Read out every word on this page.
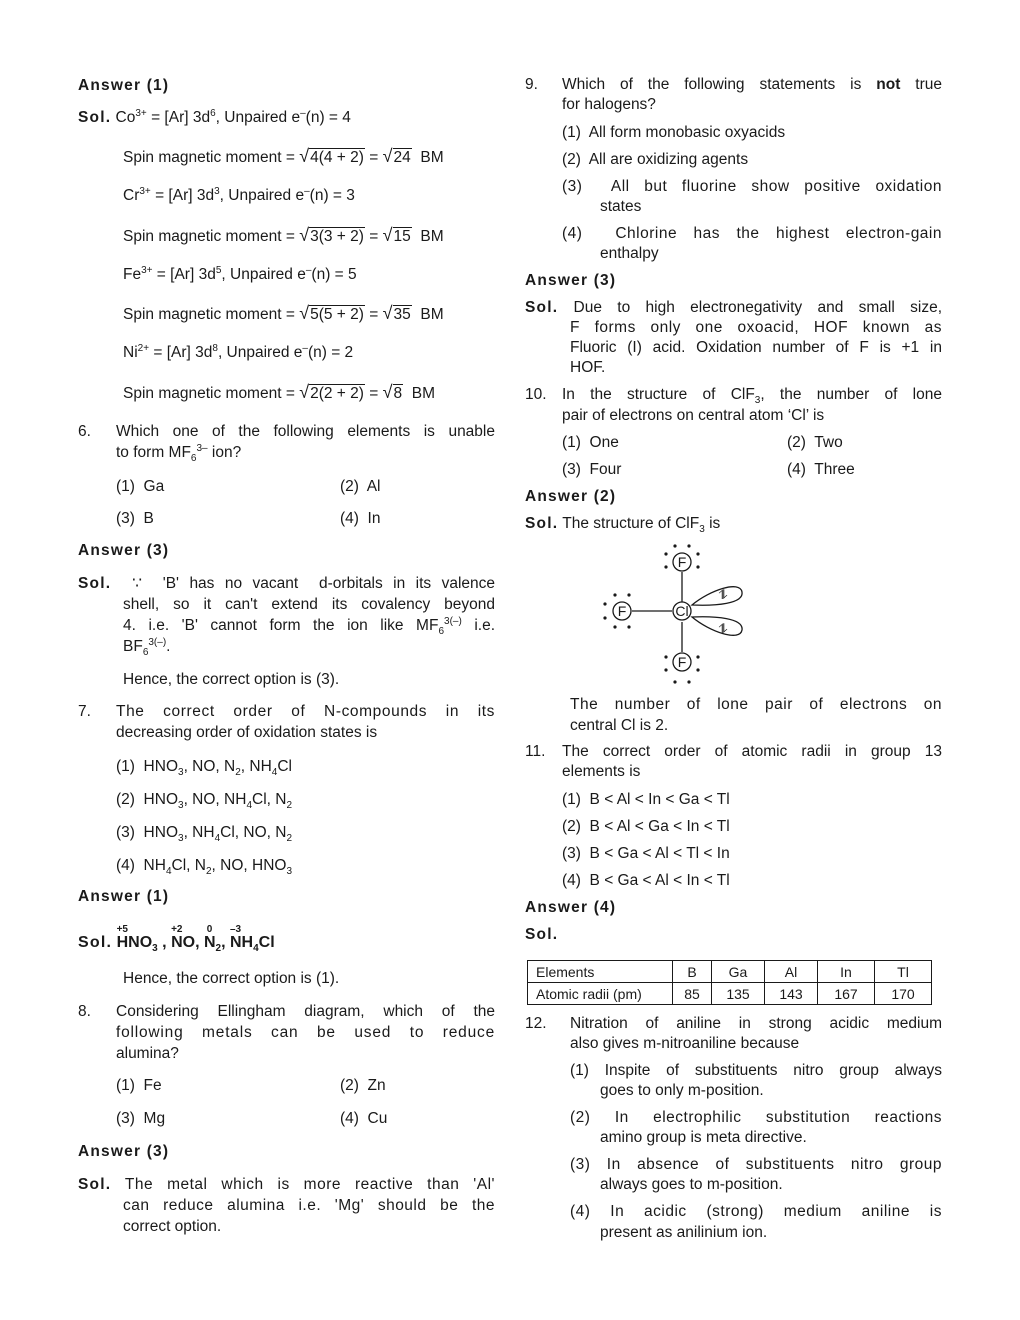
Answer (1)
Sol. $Co^{3+} = [Ar]$ $3d^6$, Unpaired e–(n) = 4
Spin magnetic moment = √4(4 + 2) = √24 BM
$Cr^{3+} = [Ar]$ $3d^3$, Unpaired e–(n) = 3
Spin magnetic moment = √3(3 + 2) = √15 BM
$Fe^{3+} = [Ar]$ $3d^5$, Unpaired e–(n) = 5
Spin magnetic moment = √5(5 + 2) = √35 BM
$Ni^{2+} = [Ar]$ $3d^8$, Unpaired e–(n) = 2
Spin magnetic moment = √2(2 + 2) = √8 BM
6. Which one of the following elements is unable
to form $MF_6^{3-}$ ion?
(1)  Ga	(2)  Al
(3)  B	(4)  In
Answer (3)
Sol.  ∵  'B' has no vacant  d-orbitals in its valence
shell, so it can't extend its covalency beyond
4. i.e. 'B' cannot form the ion like $MF_6^{3(-)}$ i.e.
$BF_6^{3(-)}$.
Hence, the correct option is (3).
7. The correct order of N-compounds in its
decreasing order of oxidation states is
(1)  $HNO_3$, NO, $N_2$, $NH_4Cl$
(2)  $HNO_3$, NO, $NH_4Cl$, $N_2$
(3)  $HNO_3$, $NH_4Cl$, NO, $N_2$
(4)  $NH_4Cl$, $N_2$, NO, $HNO_3$
Answer (1)
Sol.
+5
$HNO_3$ ,
+2
NO,
0
$N_2$,
–3
$NH_4Cl$
Hence, the correct option is (1).
8. Considering Ellingham diagram, which of the
following metals can be used to reduce
alumina?
(1)  Fe	(2)  Zn
(3)  Mg	(4)  Cu
Answer (3)
Sol. The metal which is more reactive than 'Al'
can reduce alumina i.e. 'Mg' should be the
correct option.
9. Which of the following statements is not true
for halogens?
(1)  All form monobasic oxyacids
(2)  All are oxidizing agents
(3)  All but fluorine show positive oxidation
states
(4)  Chlorine has the highest electron-gain
enthalpy
Answer (3)
Sol. Due to high electronegativity and small size,
F forms only one oxoacid, HOF known as
Fluoric (I) acid. Oxidation number of F is +1 in
HOF.
10. In the structure of ClF$_3$, the number of lone
pair of electrons on central atom ‘Cl’ is
(1)  One	(2)  Two
(3)  Four	(4)  Three
Answer (2)
Sol. The structure of ClF$_3$ is
F
Cl
F
F
⥮
⥮
The number of lone pair of electrons on
central Cl is 2.
11. The correct order of atomic radii in group 13
elements is
(1)  B < Al < In < Ga < Tl
(2)  B < Al < Ga < In < Tl
(3)  B < Ga < Al < Tl < In
(4)  B < Ga < Al < In < Tl
Answer (4)
Sol.
Elements	B	Ga	Al	In	Tl
Atomic radii (pm)	85	135	143	167	170
12. Nitration of aniline in strong acidic medium
also gives m-nitroaniline because
(1) Inspite of substituents nitro group always
goes to only m-position.
(2) In electrophilic substitution reactions
amino group is meta directive.
(3) In absence of substituents nitro group
always goes to m-position.
(4) In acidic (strong) medium aniline is
present as anilinium ion.
